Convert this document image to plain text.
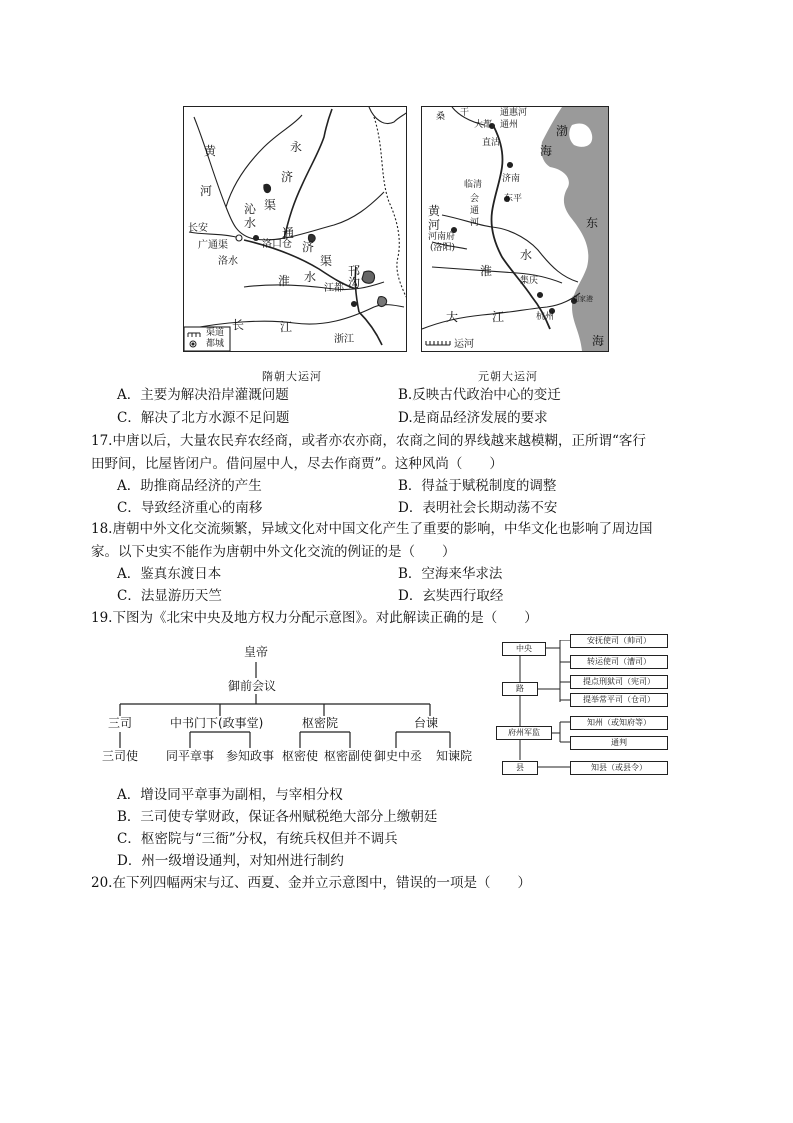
黄
河
永
济
沁 渠
水
通
长安
广通渠	洛口仓
洛水
济
渠
淮 水	邗
沟
江都
长	江
浙江
渠道
都城
隋朝大运河
桑 干	通惠河
大都 通州
直沽
渤
海
临清
济南
会	东平
通
黄
河	河	东
河南府
(洛阳)	水
淮
集庆
大	江	杭州
刘家港
海
运河
元朝大运河
A．主要为解决沿岸灌溉问题	B.反映古代政治中心的变迁
C．解决了北方水源不足问题	D.是商品经济发展的要求
17.中唐以后，大量农民弃农经商，或者亦农亦商，农商之间的界线越来越模糊，正所谓“客行
田野间，比屋皆闭户。借问屋中人，尽去作商贾”。这种风尚（　　）
A．助推商品经济的产生	B．得益于赋税制度的调整
C．导致经济重心的南移	D．表明社会长期动荡不安
18.唐朝中外文化交流频繁，异域文化对中国文化产生了重要的影响，中华文化也影响了周边国
家。以下史实不能作为唐朝中外文化交流的例证的是（　　）
A．鉴真东渡日本	B．空海来华求法
C．法显游历天竺	D．玄奘西行取经
19.下图为《北宋中央及地方权力分配示意图》。对此解读正确的是（　　）
皇帝
御前会议
三司	中书门下(政事堂)	枢密院	台谏
三司使 同平章事 参知政事 枢密使 枢密副使 御史中丞 知谏院
中央
路
府州军监
县
安抚使司（帅司）
转运使司（漕司）
提点刑狱司（宪司）
提举常平司（仓司）
知州（或知府等）
通判
知县（或县令）
A．增设同平章事为副相，与宰相分权
B．三司使专掌财政，保证各州赋税绝大部分上缴朝廷
C．枢密院与“三衙”分权，有统兵权但并不调兵
D．州一级增设通判，对知州进行制约
20.在下列四幅两宋与辽、西夏、金并立示意图中，错误的一项是（　　）
